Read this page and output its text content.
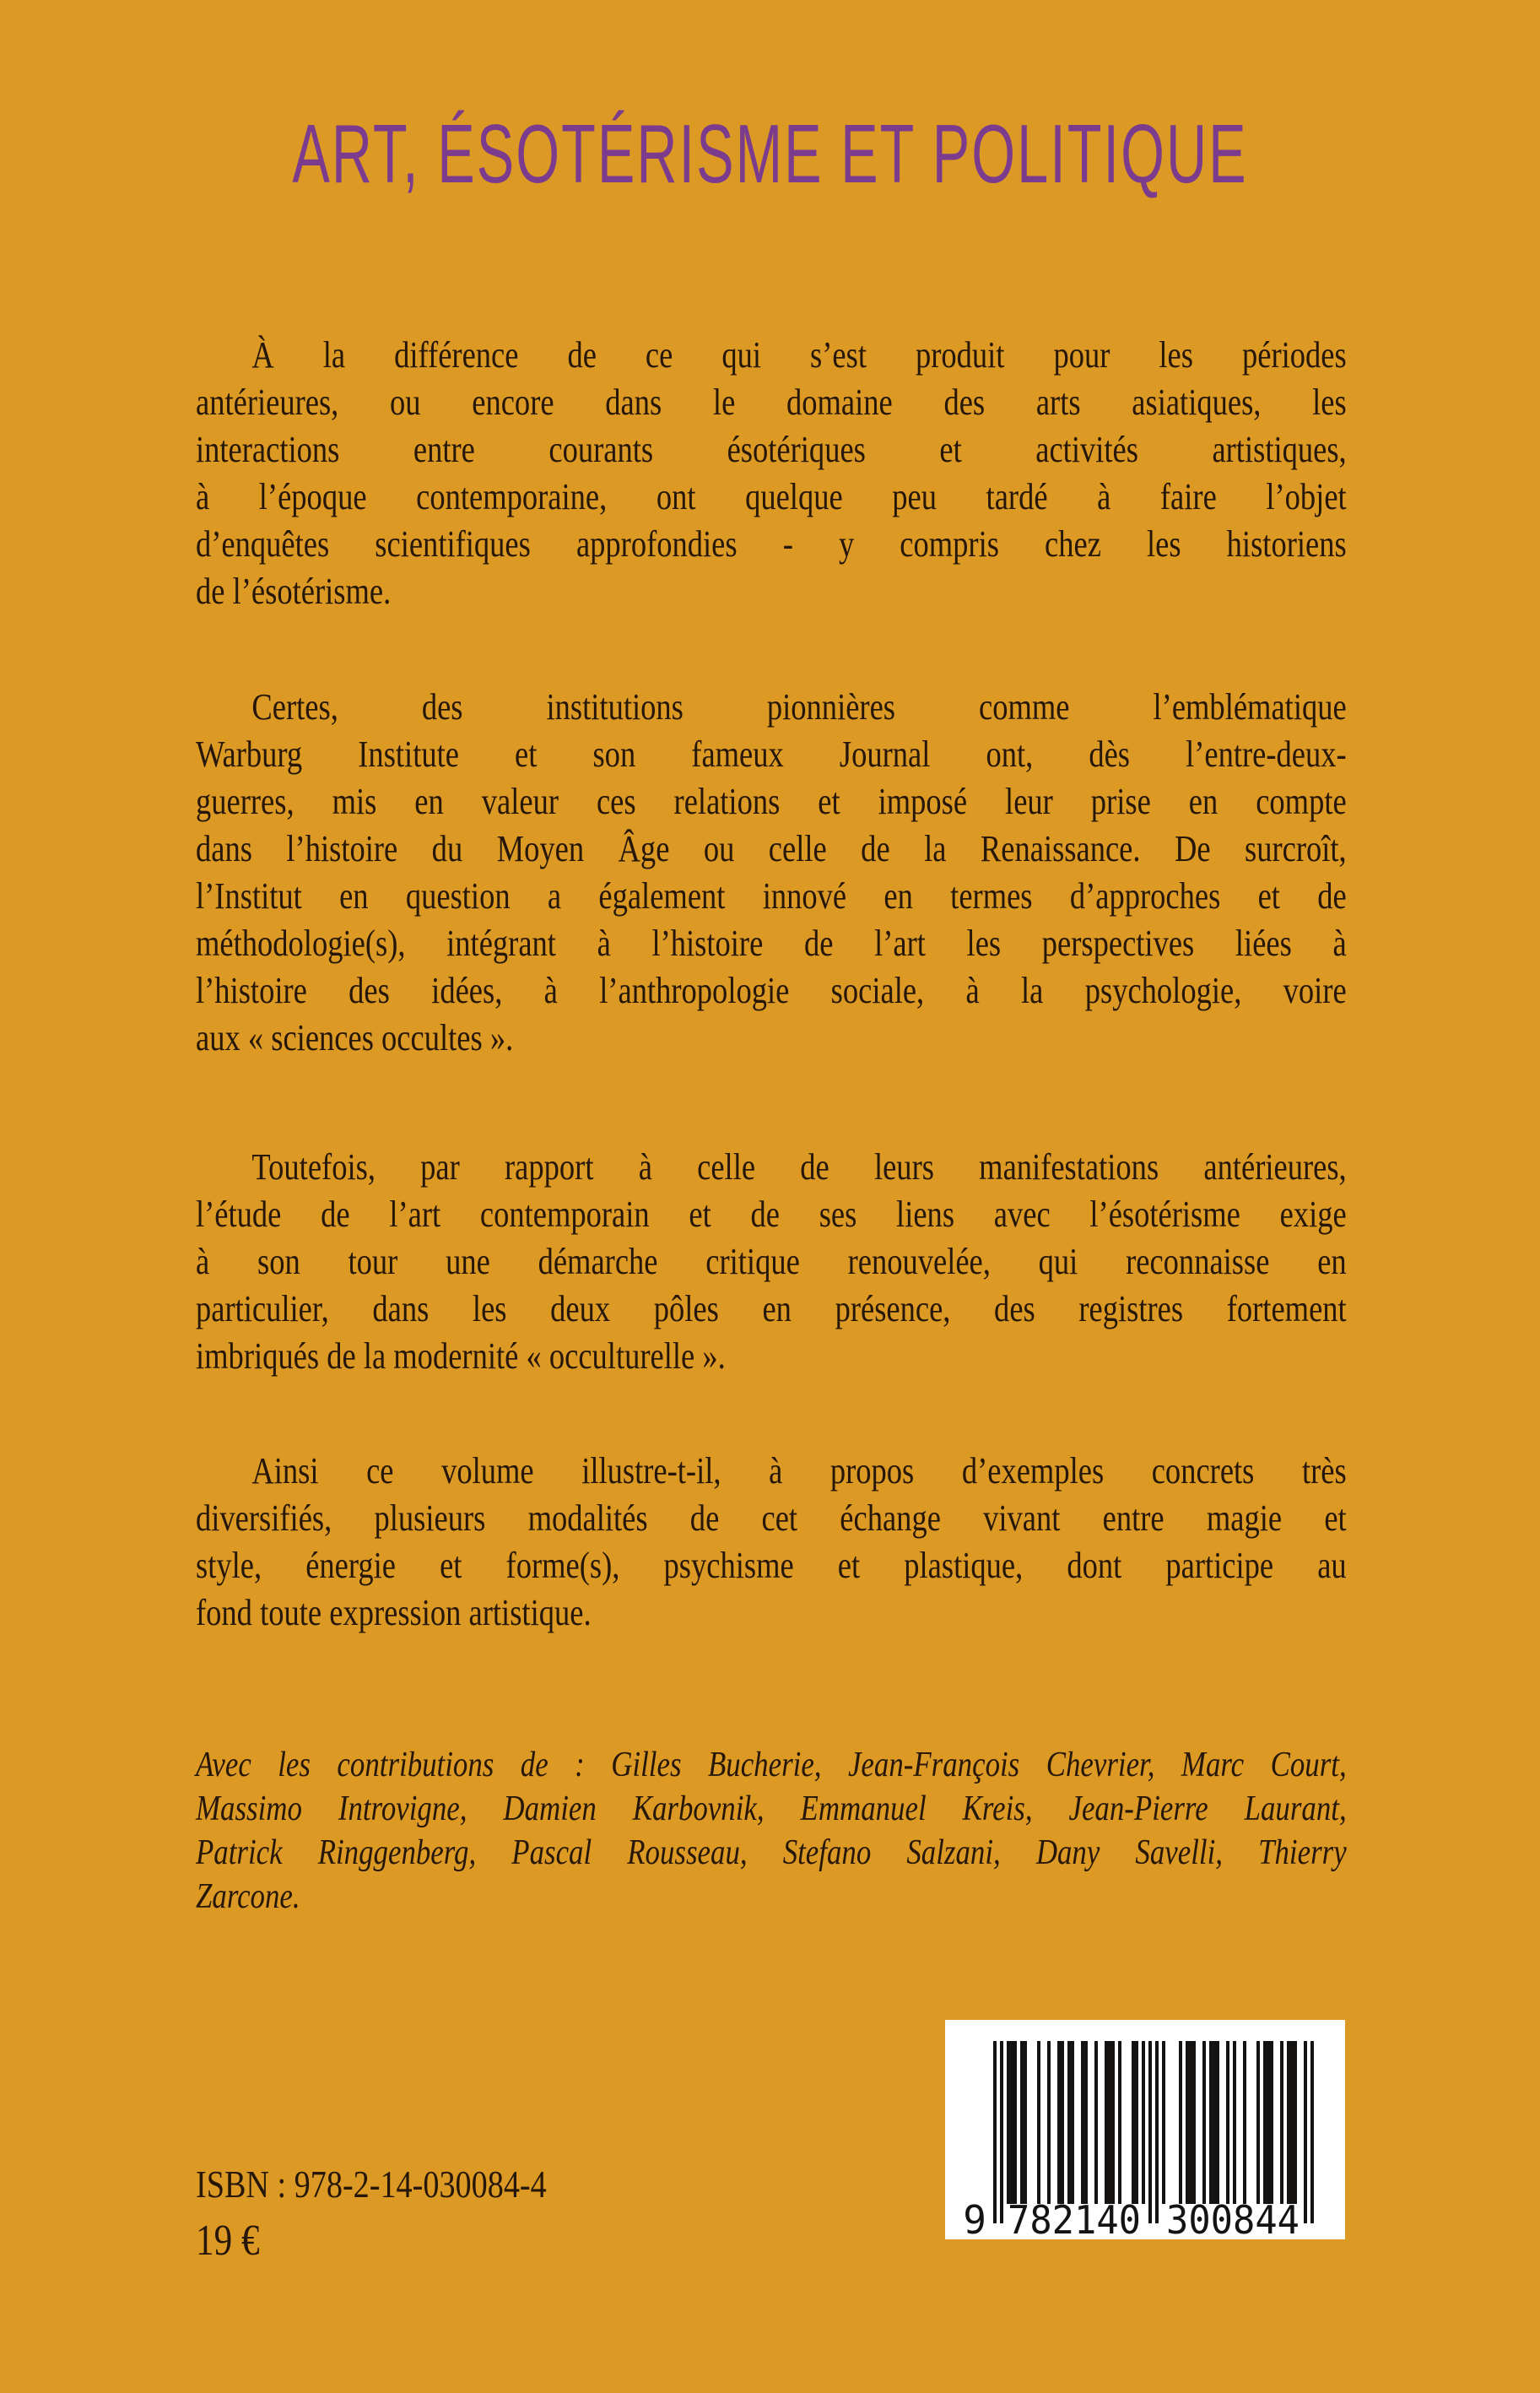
ART, ÉSOTÉRISME ET POLITIQUE
À la différence de ce qui s’est produit pour les périodes
antérieures, ou encore dans le domaine des arts asiatiques, les
interactions entre courants ésotériques et activités artistiques,
à l’époque contemporaine, ont quelque peu tardé à faire l’objet
d’enquêtes scientifiques approfondies - y compris chez les historiens
de l’ésotérisme.
Certes, des institutions pionnières comme l’emblématique
Warburg Institute et son fameux Journal ont, dès l’entre-deux-
guerres, mis en valeur ces relations et imposé leur prise en compte
dans l’histoire du Moyen Âge ou celle de la Renaissance. De surcroît,
l’Institut en question a également innové en termes d’approches et de
méthodologie(s), intégrant à l’histoire de l’art les perspectives liées à
l’histoire des idées, à l’anthropologie sociale, à la psychologie, voire
aux « sciences occultes ».
Toutefois, par rapport à celle de leurs manifestations antérieures,
l’étude de l’art contemporain et de ses liens avec l’ésotérisme exige
à son tour une démarche critique renouvelée, qui reconnaisse en
particulier, dans les deux pôles en présence, des registres fortement
imbriqués de la modernité « occulturelle ».
Ainsi ce volume illustre-t-il, à propos d’exemples concrets très
diversifiés, plusieurs modalités de cet échange vivant entre magie et
style, énergie et forme(s), psychisme et plastique, dont participe au
fond toute expression artistique.
Avec les contributions de : Gilles Bucherie, Jean-François Chevrier, Marc Court,
Massimo Introvigne, Damien Karbovnik, Emmanuel Kreis, Jean-Pierre Laurant,
Patrick Ringgenberg, Pascal Rousseau, Stefano Salzani, Dany Savelli, Thierry
Zarcone.
ISBN : 978-2-14-030084-4
19 €	9 782140 300844
